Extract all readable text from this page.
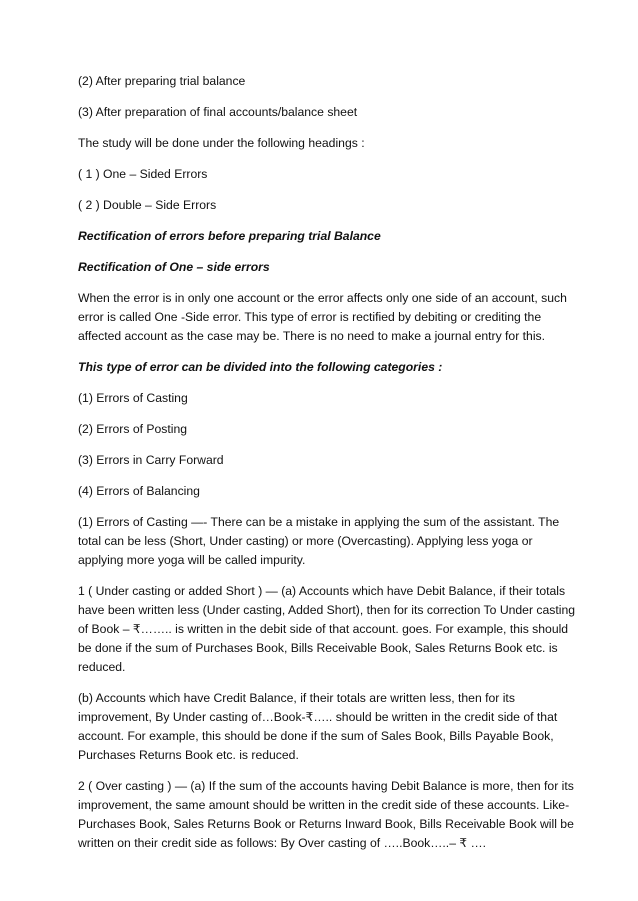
(2) After preparing trial balance

(3) After preparation of final accounts/balance sheet

The study will be done under the following headings :

( 1 ) One – Sided Errors

( 2 ) Double – Side Errors

Rectification of errors before preparing trial Balance

Rectification of One – side errors

When the error is in only one account or the error affects only one side of an account, such
error is called One -Side error. This type of error is rectified by debiting or crediting the
affected account as the case may be. There is no need to make a journal entry for this.

This type of error can be divided into the following categories :

(1) Errors of Casting

(2) Errors of Posting

(3) Errors in Carry Forward

(4) Errors of Balancing

(1) Errors of Casting —- There can be a mistake in applying the sum of the assistant. The
total can be less (Short, Under casting) or more (Overcasting). Applying less yoga or
applying more yoga will be called impurity.

1 ( Under casting or added Short ) — (a) Accounts which have Debit Balance, if their totals
have been written less (Under casting, Added Short), then for its correction To Under casting
of Book – ₹…….. is written in the debit side of that account. goes. For example, this should
be done if the sum of Purchases Book, Bills Receivable Book, Sales Returns Book etc. is
reduced.

(b) Accounts which have Credit Balance, if their totals are written less, then for its
improvement, By Under casting of…Book-₹….. should be written in the credit side of that
account. For example, this should be done if the sum of Sales Book, Bills Payable Book,
Purchases Returns Book etc. is reduced.

2 ( Over casting ) — (a) If the sum of the accounts having Debit Balance is more, then for its
improvement, the same amount should be written in the credit side of these accounts. Like-
Purchases Book, Sales Returns Book or Returns Inward Book, Bills Receivable Book will be
written on their credit side as follows: By Over casting of …..Book…..– ₹ ….
